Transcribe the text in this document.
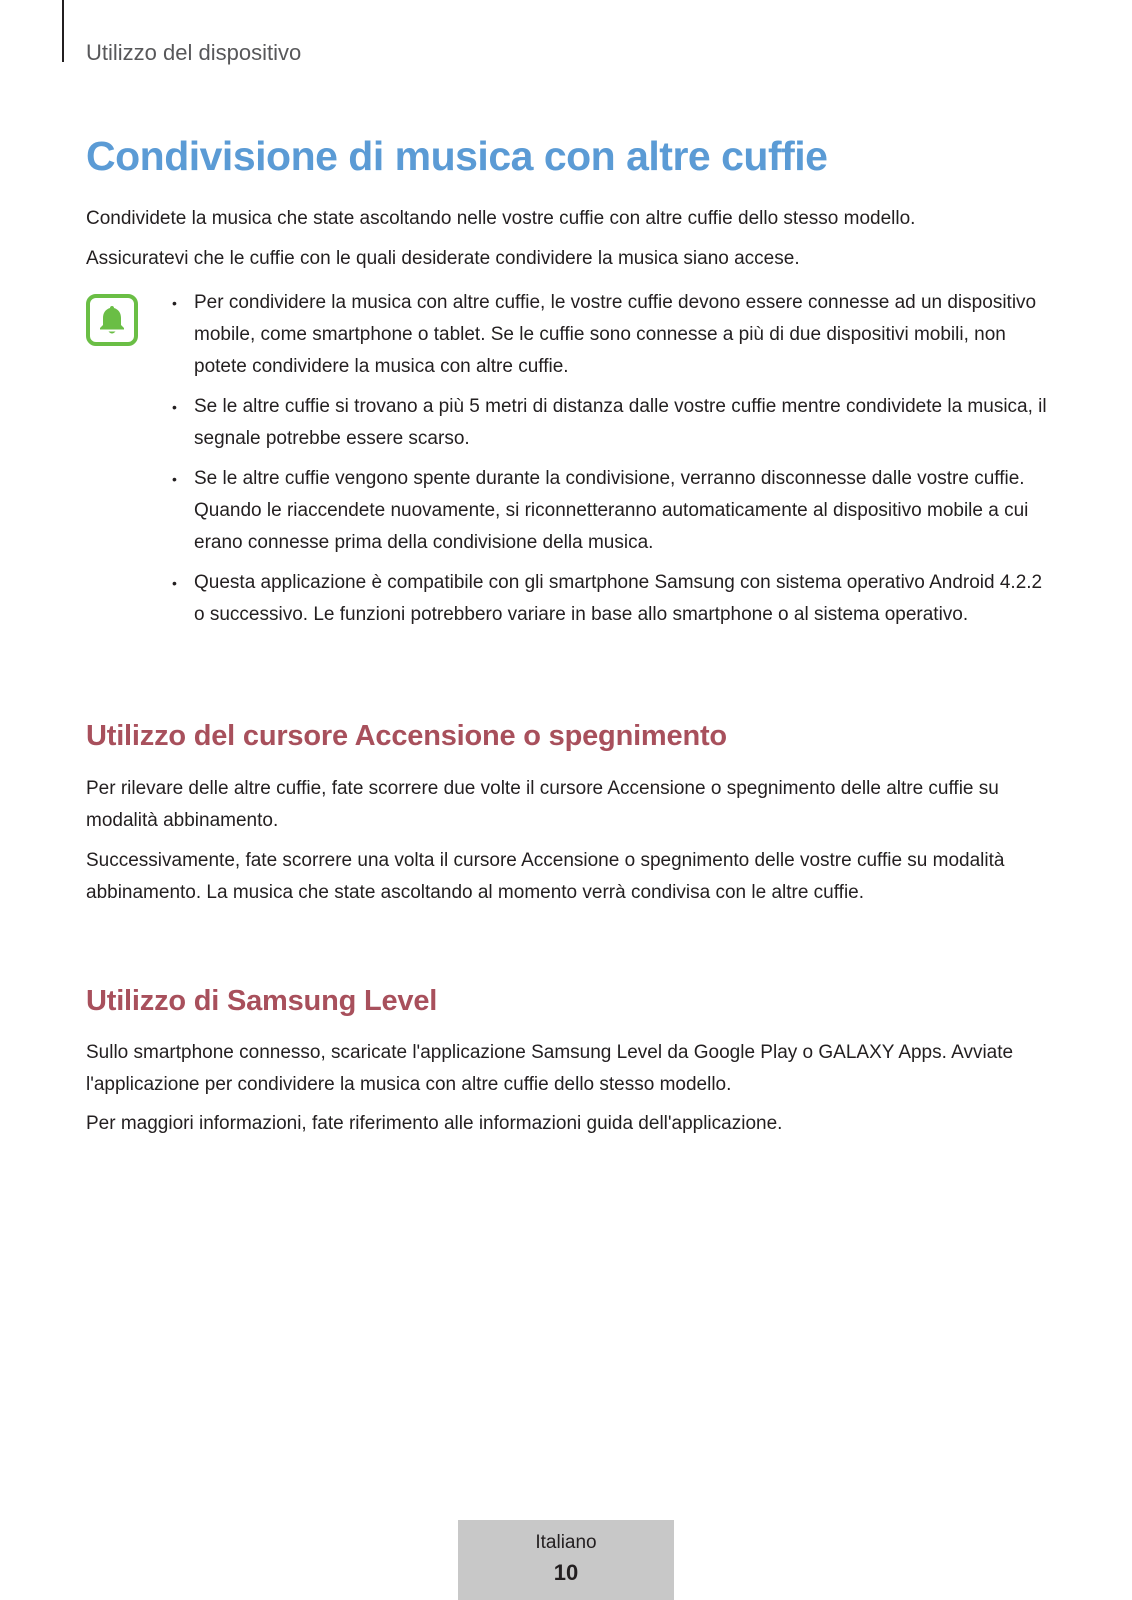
Utilizzo del dispositivo
Condivisione di musica con altre cuffie

Condividete la musica che state ascoltando nelle vostre cuffie con altre cuffie dello stesso modello.

Assicuratevi che le cuffie con le quali desiderate condividere la musica siano accese.

• Per condividere la musica con altre cuffie, le vostre cuffie devono essere connesse ad un dispositivo mobile, come smartphone o tablet. Se le cuffie sono connesse a più di due dispositivi mobili, non potete condividere la musica con altre cuffie.
• Se le altre cuffie si trovano a più 5 metri di distanza dalle vostre cuffie mentre condividete la musica, il segnale potrebbe essere scarso.
• Se le altre cuffie vengono spente durante la condivisione, verranno disconnesse dalle vostre cuffie. Quando le riaccendete nuovamente, si riconnetteranno automaticamente al dispositivo mobile a cui erano connesse prima della condivisione della musica.
• Questa applicazione è compatibile con gli smartphone Samsung con sistema operativo Android 4.2.2 o successivo. Le funzioni potrebbero variare in base allo smartphone o al sistema operativo.
Utilizzo del cursore Accensione o spegnimento

Per rilevare delle altre cuffie, fate scorrere due volte il cursore Accensione o spegnimento delle altre cuffie su modalità abbinamento.

Successivamente, fate scorrere una volta il cursore Accensione o spegnimento delle vostre cuffie su modalità abbinamento. La musica che state ascoltando al momento verrà condivisa con le altre cuffie.

Utilizzo di Samsung Level

Sullo smartphone connesso, scaricate l'applicazione Samsung Level da Google Play o GALAXY Apps. Avviate l'applicazione per condividere la musica con altre cuffie dello stesso modello.

Per maggiori informazioni, fate riferimento alle informazioni guida dell'applicazione.

Italiano
10
